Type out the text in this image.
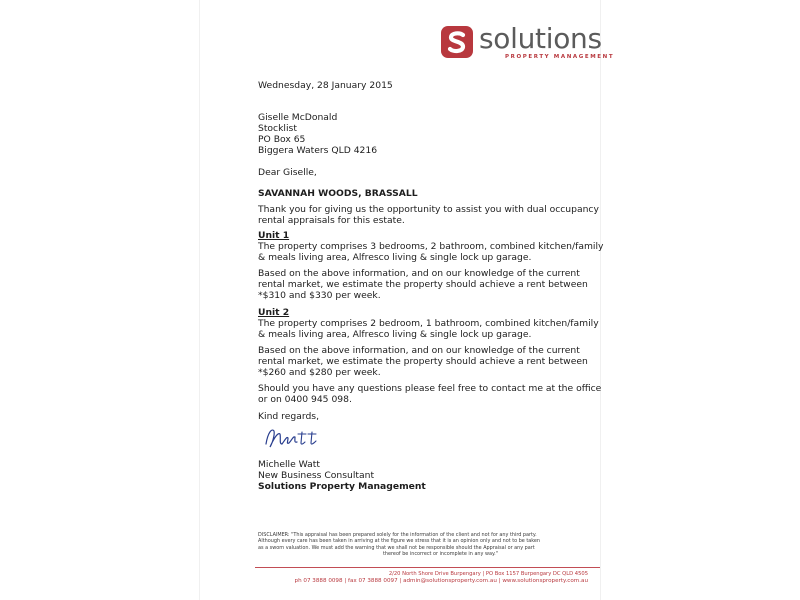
solutions
PROPERTY MANAGEMENT
Wednesday, 28 January 2015
Giselle McDonald
Stocklist
PO Box 65
Biggera Waters QLD 4216
Dear Giselle,
SAVANNAH WOODS, BRASSALL
Thank you for giving us the opportunity to assist you with dual occupancy
rental appraisals for this estate.
Unit 1
The property comprises 3 bedrooms, 2 bathroom, combined kitchen/family
& meals living area, Alfresco living & single lock up garage.
Based on the above information, and on our knowledge of the current
rental market, we estimate the property should achieve a rent between
*$310 and $330 per week.
Unit 2
The property comprises 2 bedroom, 1 bathroom, combined kitchen/family
& meals living area, Alfresco living & single lock up garage.
Based on the above information, and on our knowledge of the current
rental market, we estimate the property should achieve a rent between
*$260 and $280 per week.
Should you have any questions please feel free to contact me at the office
or on 0400 945 098.
Kind regards,
Michelle Watt
New Business Consultant
Solutions Property Management
DISCLAIMER: "This appraisal has been prepared solely for the information of the client and not for any third party.
Although every care has been taken in arriving at the figure we stress that it is an opinion only and not to be taken
as a sworn valuation. We must add the warning that we shall not be responsible should the Appraisal or any part
thereof be incorrect or incomplete in any way."
2/20 North Shore Drive Burpengary | PO Box 1157 Burpengary DC QLD 4505
ph 07 3888 0098 | fax 07 3888 0097 | admin@solutionsproperty.com.au | www.solutionsproperty.com.au
